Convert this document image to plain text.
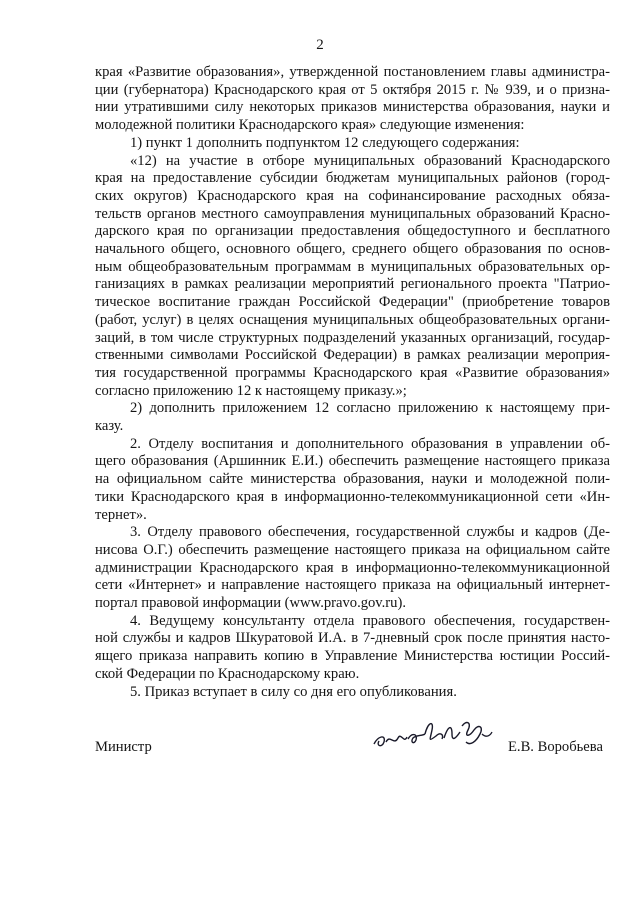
2
края «Развитие образования», утвержденной постановлением главы администра-
ции (губернатора) Краснодарского края от 5 октября 2015 г. № 939, и о призна-
нии утратившими силу некоторых приказов министерства образования, науки и
молодежной политики Краснодарского края» следующие изменения:
1) пункт 1 дополнить подпунктом 12 следующего содержания:
«12) на участие в отборе муниципальных образований Краснодарского
края на предоставление субсидии бюджетам муниципальных районов (город-
ских округов) Краснодарского края на софинансирование расходных обяза-
тельств органов местного самоуправления муниципальных образований Красно-
дарского края по организации предоставления общедоступного и бесплатного
начального общего, основного общего, среднего общего образования по основ-
ным общеобразовательным программам в муниципальных образовательных ор-
ганизациях в рамках реализации мероприятий регионального проекта "Патрио-
тическое воспитание граждан Российской Федерации" (приобретение товаров
(работ, услуг) в целях оснащения муниципальных общеобразовательных органи-
заций, в том числе структурных подразделений указанных организаций, государ-
ственными символами Российской Федерации) в рамках реализации мероприя-
тия государственной программы Краснодарского края «Развитие образования»
согласно приложению 12 к настоящему приказу.»;
2) дополнить приложением 12 согласно приложению к настоящему при-
казу.
2. Отделу воспитания и дополнительного образования в управлении об-
щего образования (Аршинник Е.И.) обеспечить размещение настоящего приказа
на официальном сайте министерства образования, науки и молодежной поли-
тики Краснодарского края в информационно-телекоммуникационной сети «Ин-
тернет».
3. Отделу правового обеспечения, государственной службы и кадров (Де-
нисова О.Г.) обеспечить размещение настоящего приказа на официальном сайте
администрации Краснодарского края в информационно-телекоммуникационной
сети «Интернет» и направление настоящего приказа на официальный интернет-
портал правовой информации (www.pravo.gov.ru).
4. Ведущему консультанту отдела правового обеспечения, государствен-
ной службы и кадров Шкуратовой И.А. в 7-дневный срок после принятия насто-
ящего приказа направить копию в Управление Министерства юстиции Россий-
ской Федерации по Краснодарскому краю.
5. Приказ вступает в силу со дня его опубликования.
Министр	Е.В. Воробьева
